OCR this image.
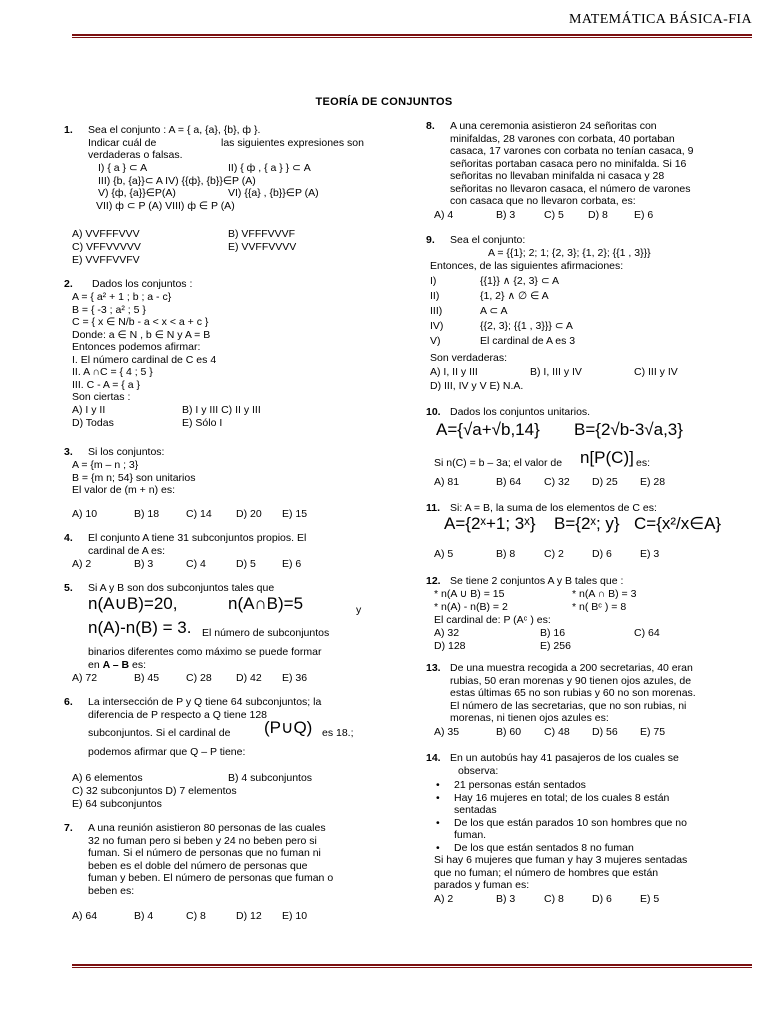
MATEMÁTICA BÁSICA-FIA
TEORÍA DE CONJUNTOS
1. Sea el conjunto : A = { a, {a}, {b}, ф }.
Indicar cuál de	las siguientes expresiones son
verdaderas o falsas.
I) { a } ⊂ A	II) { ф , { a } } ⊂ A
III) {b, {a}}⊂ A IV) {{ф}, {b}}∈P (A)
V) {ф, {a}}∈P(A)	VI) {{a} , {b}}∈P (A)
VII) ф ⊂ P (A) VIII) ф ∈ P (A)
A) VVFFFVVV	B) VFFFVVVF
C) VFFVVVVV	E) VVFFVVVV
E) VVFFVVFV
2. Dados los conjuntos :
A = { a² + 1 ; b ; a - c}
B = { -3 ; a² ; 5 }
C = { x ∈ N/b - a < x < a + c }
Donde: a ∈ N , b ∈ N y A = B
Entonces podemos afirmar:
I. El número cardinal de C es 4
II. A ∩C = { 4 ; 5 }
III. C - A = { a }
Son ciertas :
A) I y II	B) I y III C) II y III
D) Todas	E) Sólo I
3. Si los conjuntos:
A = {m – n ; 3}
B = {m n; 54} son unitarios
El valor de (m + n) es:
A) 10	B) 18	C) 14 D) 20 E) 15
4. El conjunto A tiene 31 subconjuntos propios. El
cardinal de A es:
A) 2	B) 3	C) 4	D) 5 E) 6
5. Si A y B son dos subconjuntos tales que
n(A∪B)=20,	n(A∩B)=5	y
n(A)-n(B) = 3. El número de subconjuntos
binarios diferentes como máximo se puede formar
en A – B es:
A) 72	B) 45	C) 28 D) 42 E) 36
6. La intersección de P y Q tiene 64 subconjuntos; la
diferencia de P respecto a Q tiene 128
subconjuntos. Si el cardinal de (P∪Q) es 18.;
podemos afirmar que Q – P tiene:
A) 6 elementos	B) 4 subconjuntos
C) 32 subconjuntos D) 7 elementos
E) 64 subconjuntos
7. A una reunión asistieron 80 personas de las cuales
32 no fuman pero si beben y 24 no beben pero si
fuman. Si el número de personas que no fuman ni
beben es el doble del número de personas que
fuman y beben. El número de personas que fuman o
beben es:
A) 64	B) 4	C) 8	D) 12 E) 10
8. A una ceremonia asistieron 24 señoritas con
minifaldas, 28 varones con corbata, 40 portaban
casaca, 17 varones con corbata no tenían casaca, 9
señoritas portaban casaca pero no minifalda. Si 16
señoritas no llevaban minifalda ni casaca y 28
señoritas no llevaron casaca, el número de varones
con casaca que no llevaron corbata, es:
A) 4	B) 3	C) 5 D) 8 E) 6
9. Sea el conjunto:
A = {{1}; 2; 1; {2, 3}; {1, 2}; {{1 , 3}}}
Entonces, de las siguientes afirmaciones:
I)	{{1}} ∧ {2, 3} ⊂ A
II)	{1, 2} ∧ ∅ ∈ A
III)	A ⊂ A
IV)	{{2, 3}; {{1 , 3}}} ⊂ A
V)	El cardinal de A es 3
Son verdaderas:
A) I, II y III	B) I, III y IV	C) III y IV
D) III, IV y V E) N.A.
10. Dados los conjuntos unitarios.
A={√a+√b,14} B={2√b-3√a,3}
Si n(C) = b – 3a; el valor de n[P(C)] es:
A) 81	B) 64 C) 32 D) 25 E) 28
11. Si: A = B, la suma de los elementos de C es:
A={2ˣ+1; 3ˣ} B={2ˣ; y} C={x²/x∈A}
A) 5	B) 8	C) 2	D) 6	E) 3
12. Se tiene 2 conjuntos A y B tales que :
* n(A ∪ B) = 15	* n(A ∩ B) = 3
* n(A) - n(B) = 2	* n( Bᶜ ) = 8
El cardinal de: P (Aᶜ ) es:
A) 32	B) 16	C) 64
D) 128	E) 256
13. De una muestra recogida a 200 secretarias, 40 eran
rubias, 50 eran morenas y 90 tienen ojos azules, de
estas últimas 65 no son rubias y 60 no son morenas.
El número de las secretarias, que no son rubias, ni
morenas, ni tienen ojos azules es:
A) 35	B) 60 C) 48 D) 56 E) 75
14. En un autobús hay 41 pasajeros de los cuales se
observa:
• 21 personas están sentados
• Hay 16 mujeres en total; de los cuales 8 están
sentadas
• De los que están parados 10 son hombres que no
fuman.
• De los que están sentados 8 no fuman
Si hay 6 mujeres que fuman y hay 3 mujeres sentadas
que no fuman; el número de hombres que están
parados y fuman es:
A) 2	B) 3	C) 8	D) 6	E) 5
